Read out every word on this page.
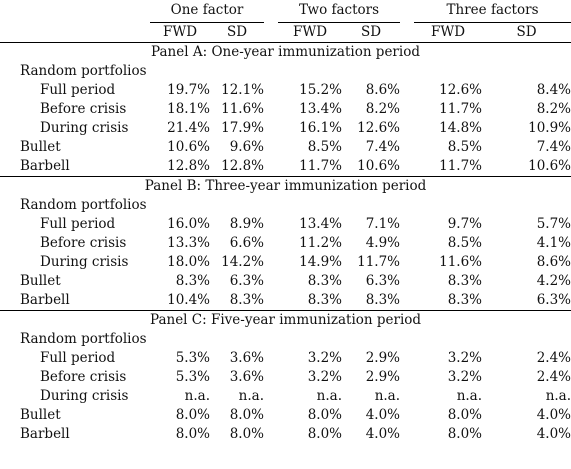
	One factor			Two factors			Three factors	
	FWD	SD		FWD	SD		FWD	SD
Panel A: One-year immunization period								
Random portfolios								
Full period	19.7%	12.1%		15.2%	8.6%		12.6%	8.4%
Before crisis	18.1%	11.6%		13.4%	8.2%		11.7%	8.2%
During crisis	21.4%	17.9%		16.1%	12.6%		14.8%	10.9%
Bullet	10.6%	9.6%		8.5%	7.4%		8.5%	7.4%
Barbell	12.8%	12.8%		11.7%	10.6%		11.7%	10.6%
Panel B: Three-year immunization period								
Random portfolios								
Full period	16.0%	8.9%		13.4%	7.1%		9.7%	5.7%
Before crisis	13.3%	6.6%		11.2%	4.9%		8.5%	4.1%
During crisis	18.0%	14.2%		14.9%	11.7%		11.6%	8.6%
Bullet	8.3%	6.3%		8.3%	6.3%		8.3%	4.2%
Barbell	10.4%	8.3%		8.3%	8.3%		8.3%	6.3%
Panel C: Five-year immunization period								
Random portfolios								
Full period	5.3%	3.6%		3.2%	2.9%		3.2%	2.4%
Before crisis	5.3%	3.6%		3.2%	2.9%		3.2%	2.4%
During crisis	n.a.	n.a.		n.a.	n.a.		n.a.	n.a.
Bullet	8.0%	8.0%		8.0%	4.0%		8.0%	4.0%
Barbell	8.0%	8.0%		8.0%	4.0%		8.0%	4.0%
